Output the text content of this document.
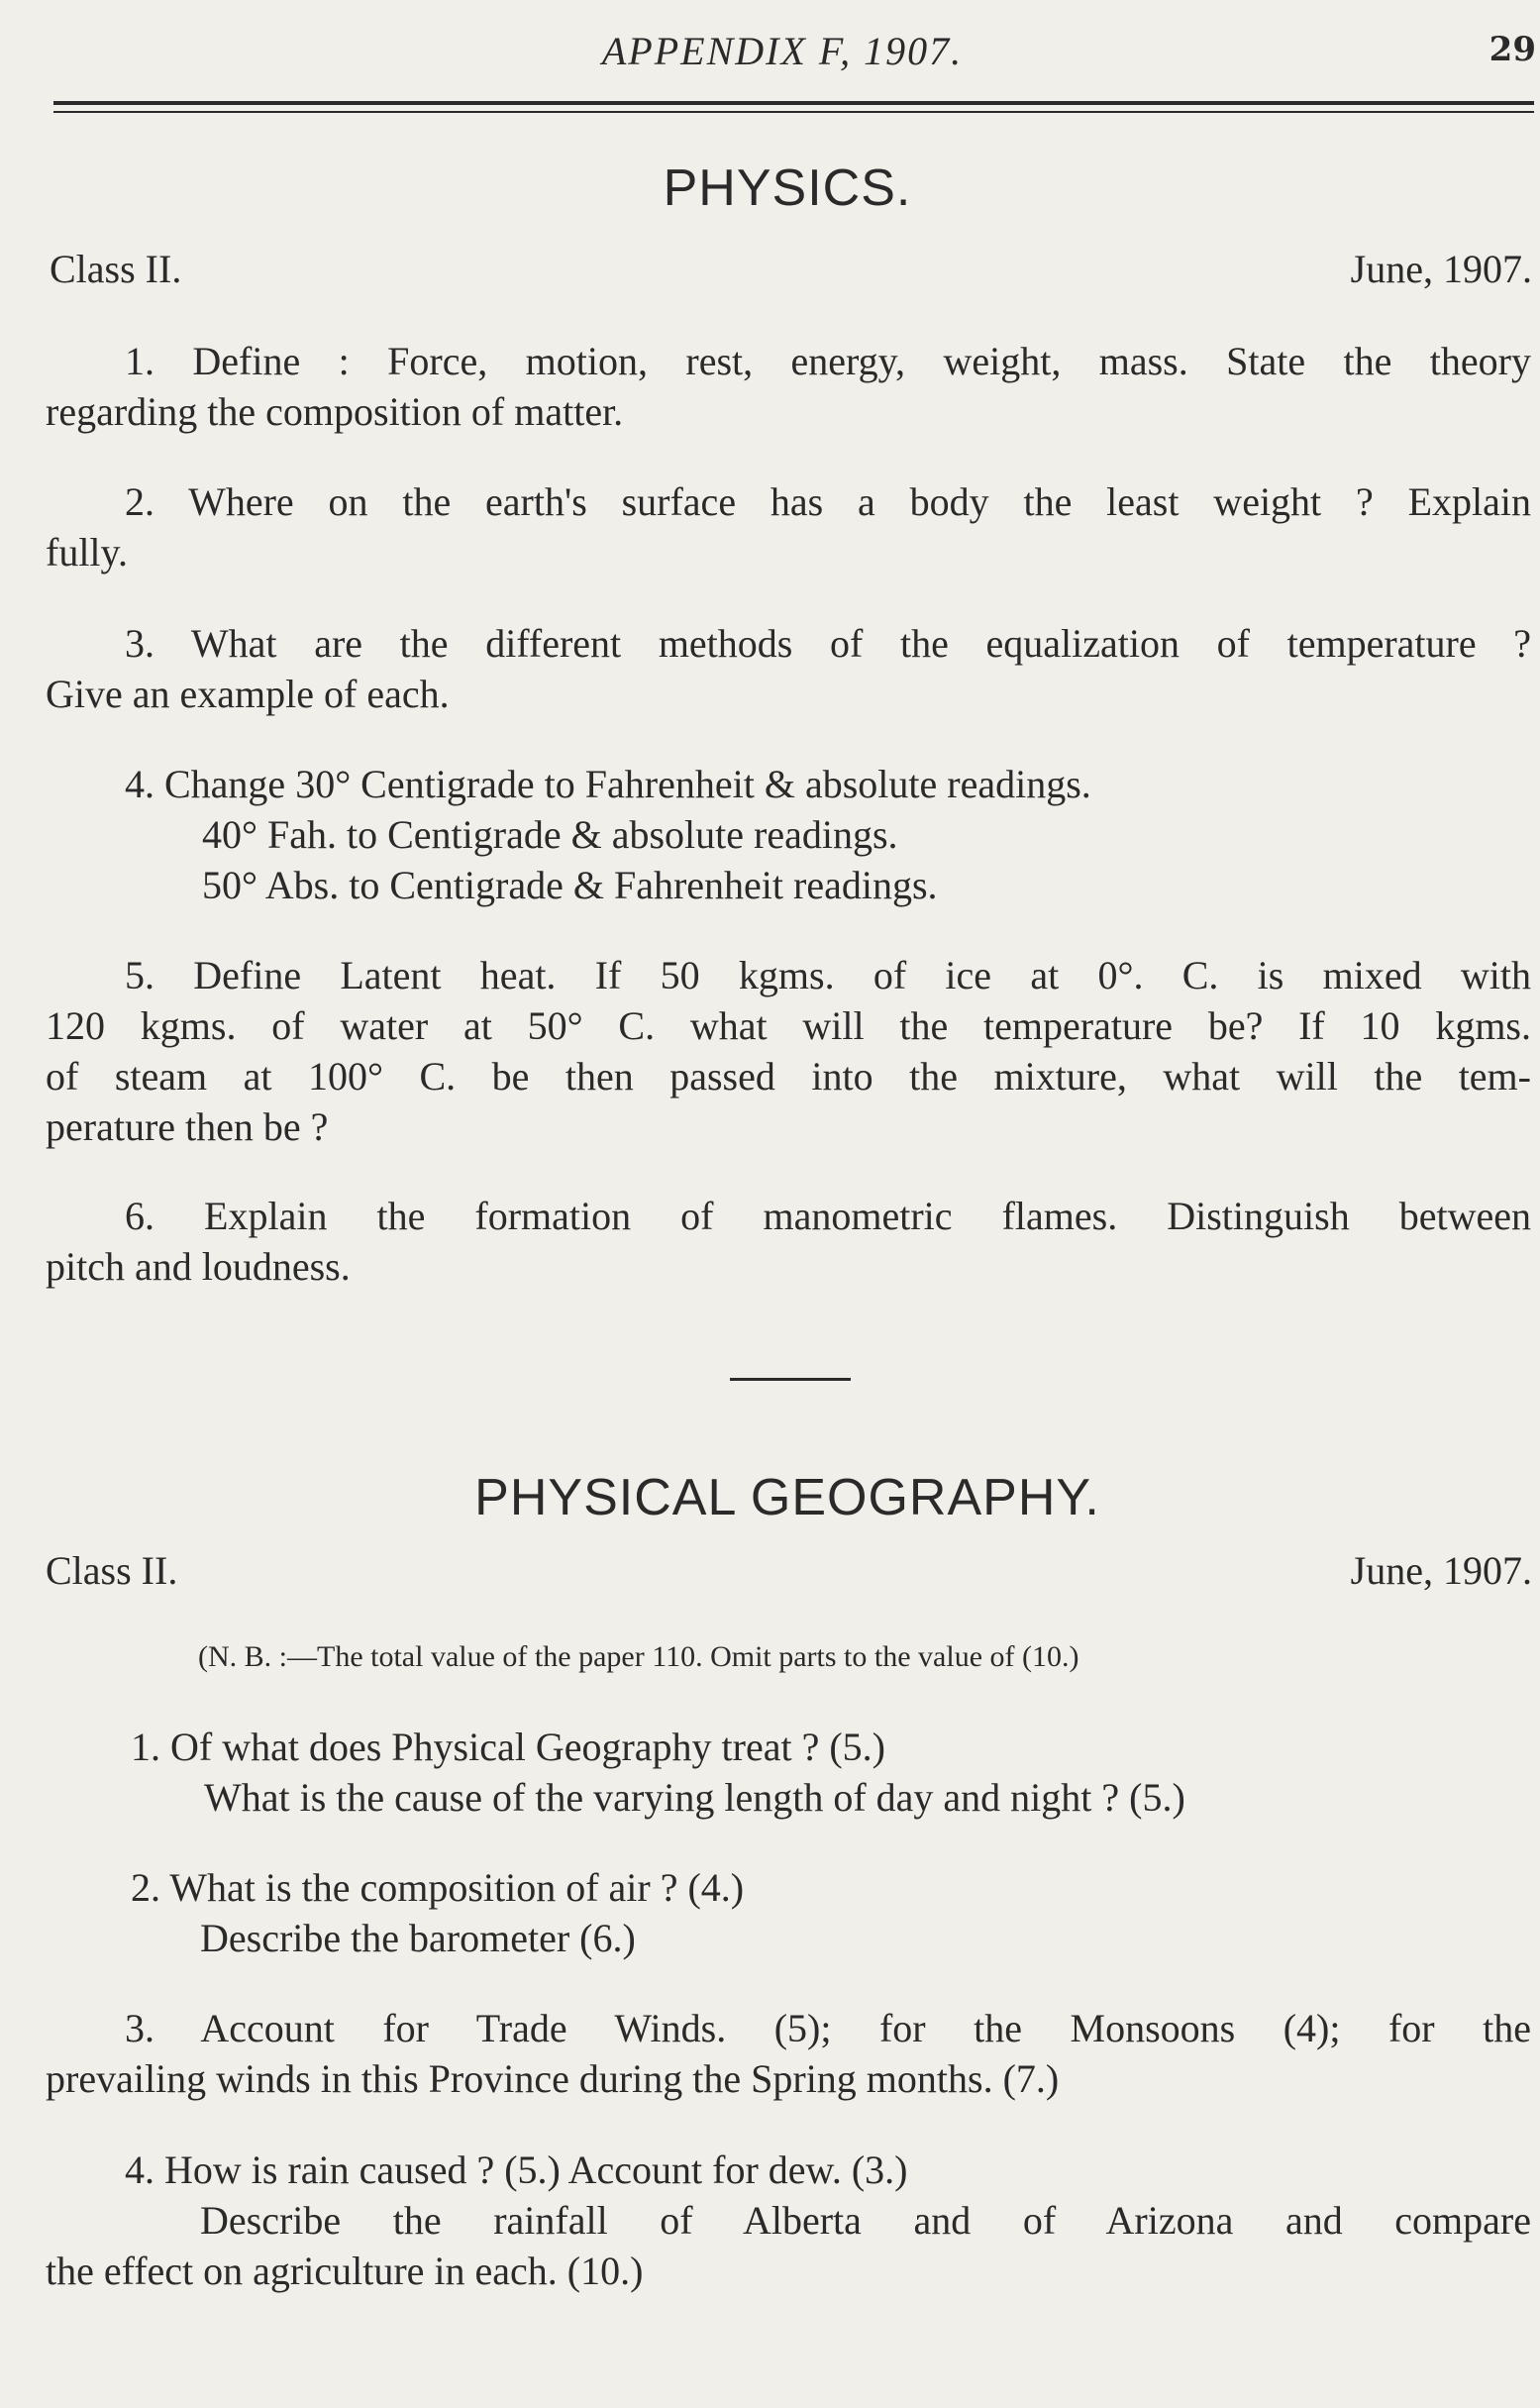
APPENDIX F, 1907.	29
PHYSICS.
Class II.	June, 1907.
1. Define : Force, motion, rest, energy, weight, mass. State the theory
regarding the composition of matter.
2. Where on the earth's surface has a body the least weight ? Explain
fully.
3. What are the different methods of the equalization of temperature ?
Give an example of each.
4. Change 30° Centigrade to Fahrenheit & absolute readings.
40° Fah. to Centigrade & absolute readings.
50° Abs. to Centigrade & Fahrenheit readings.
5. Define Latent heat. If 50 kgms. of ice at 0°. C. is mixed with
120 kgms. of water at 50° C. what will the temperature be? If 10 kgms.
of steam at 100° C. be then passed into the mixture, what will the tem-
perature then be ?
6. Explain the formation of manometric flames. Distinguish between
pitch and loudness.
PHYSICAL GEOGRAPHY.
Class II.	June, 1907.
(N. B. :—The total value of the paper 110. Omit parts to the value of (10.)
1. Of what does Physical Geography treat ? (5.)
What is the cause of the varying length of day and night ? (5.)
2. What is the composition of air ? (4.)
Describe the barometer (6.)
3. Account for Trade Winds. (5); for the Monsoons (4); for the
prevailing winds in this Province during the Spring months. (7.)
4. How is rain caused ? (5.) Account for dew. (3.)
Describe the rainfall of Alberta and of Arizona and compare
the effect on agriculture in each. (10.)
